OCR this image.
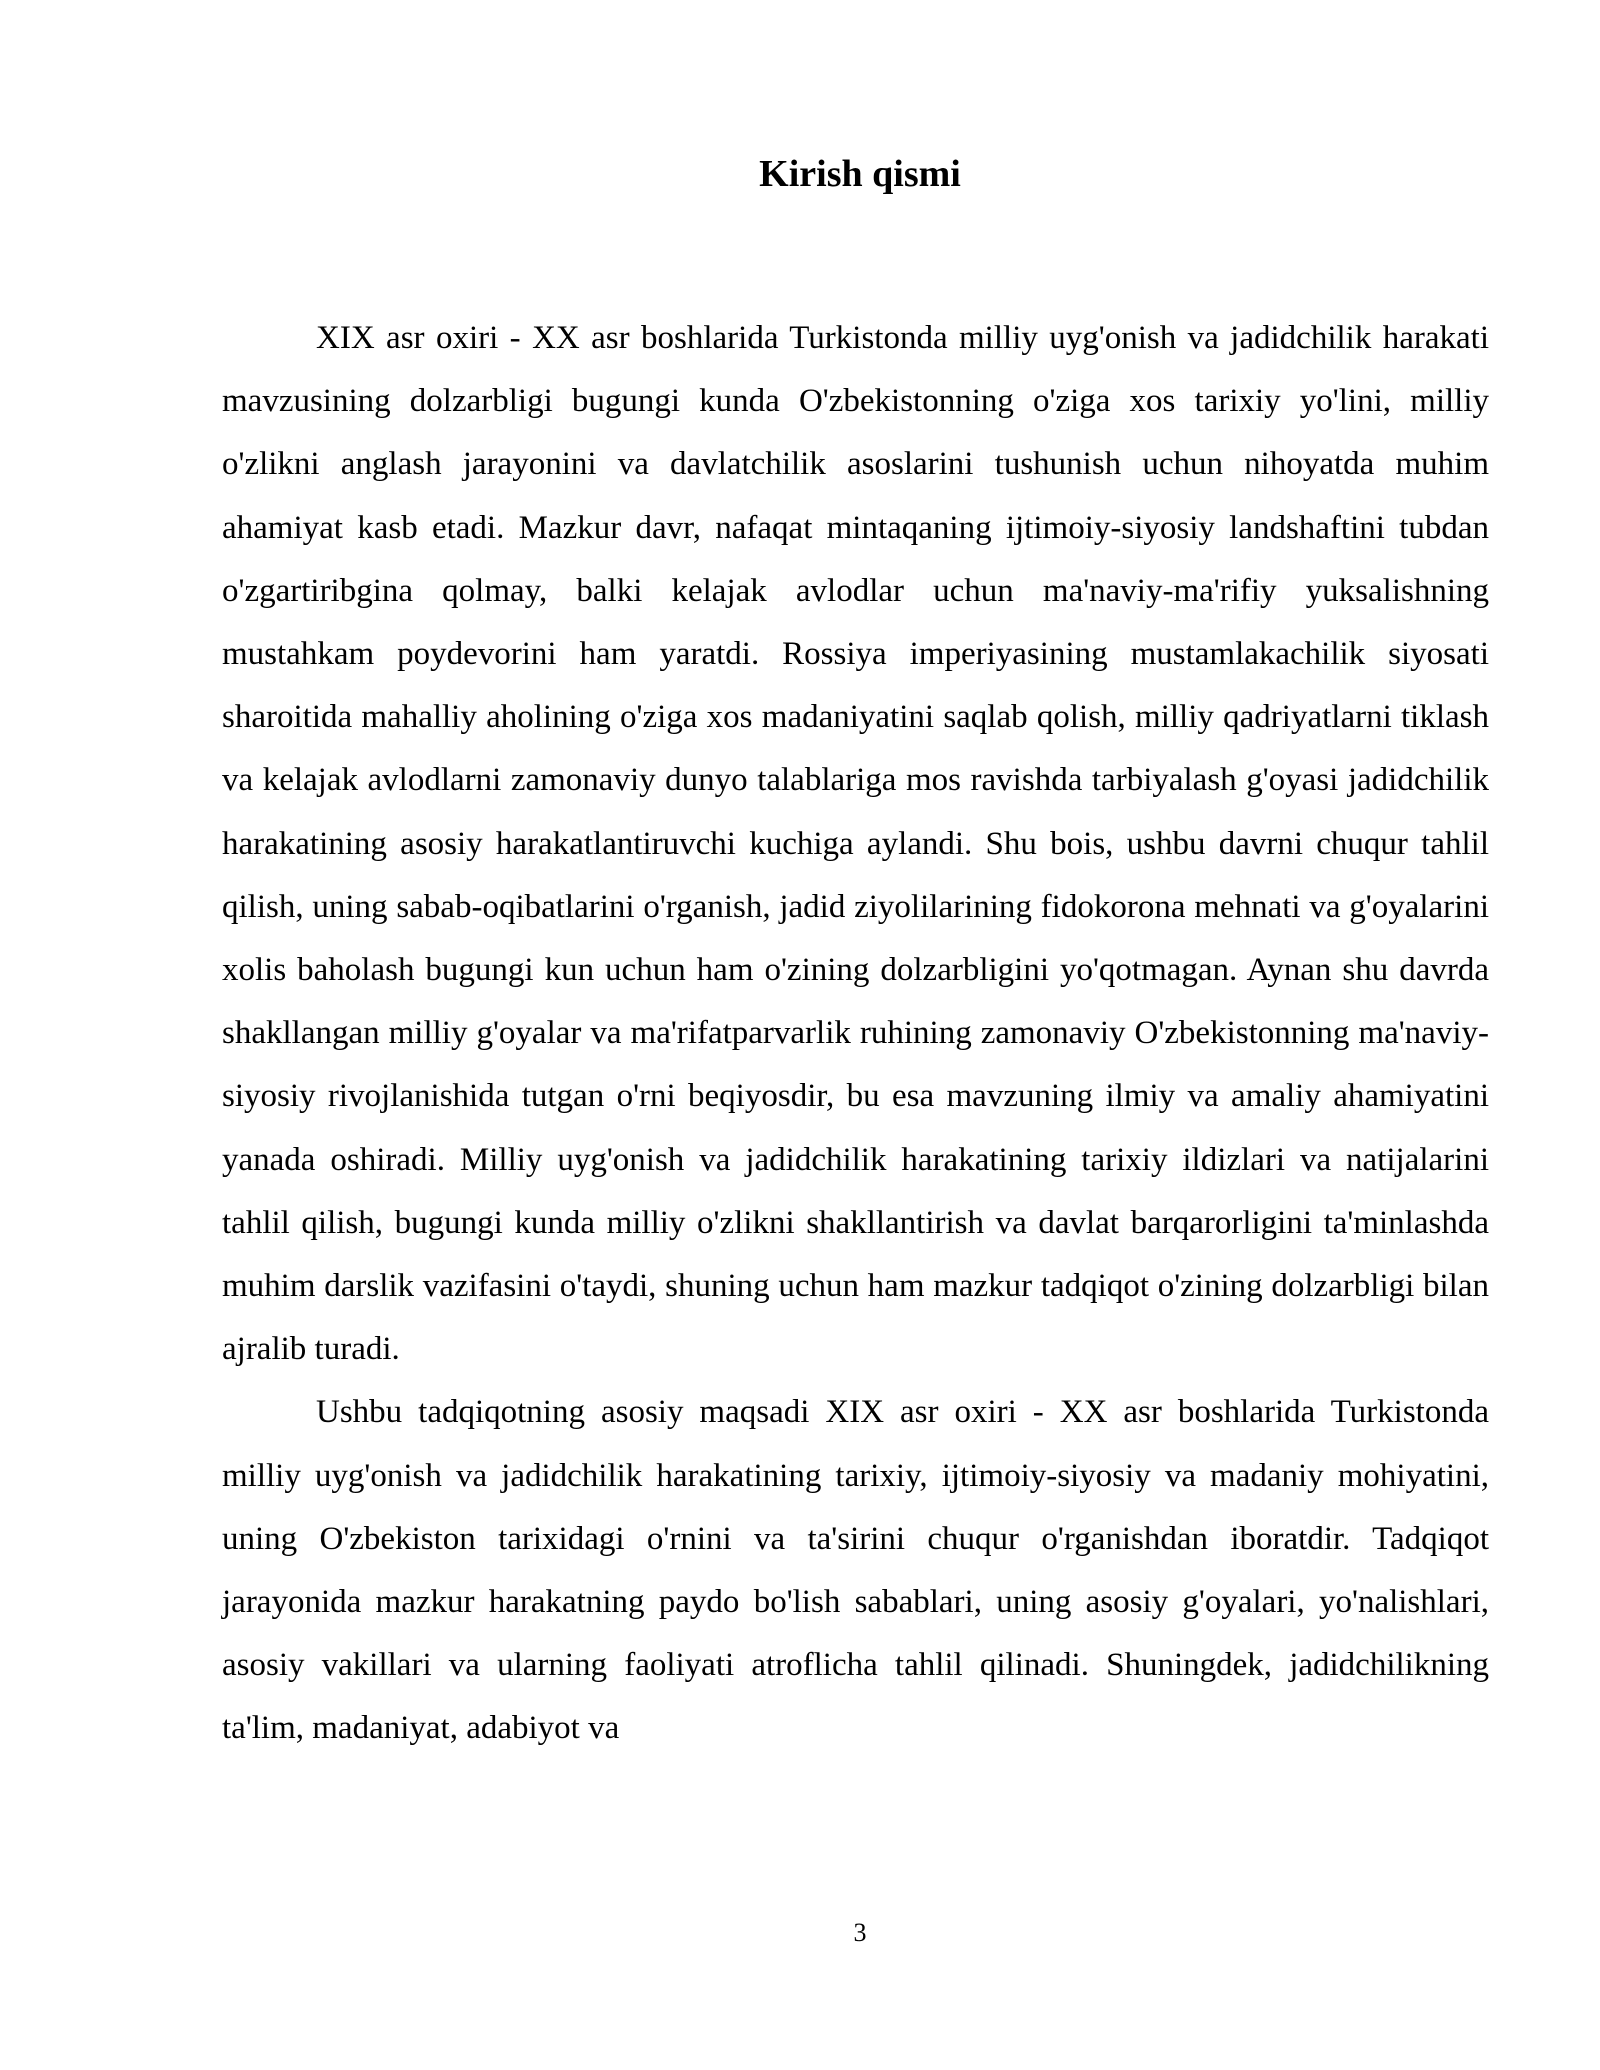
Kirish qismi

XIX asr oxiri - XX asr boshlarida Turkistonda milliy uyg'onish va jadidchilik harakati mavzusining dolzarbligi bugungi kunda O'zbekistonning o'ziga xos tarixiy yo'lini, milliy o'zlikni anglash jarayonini va davlatchilik asoslarini tushunish uchun nihoyatda muhim ahamiyat kasb etadi. Mazkur davr, nafaqat mintaqaning ijtimoiy-siyosiy landshaftini tubdan o'zgartiribgina qolmay, balki kelajak avlodlar uchun ma'naviy-ma'rifiy yuksalishning mustahkam poydevorini ham yaratdi. Rossiya imperiyasining mustamlakachilik siyosati sharoitida mahalliy aholining o'ziga xos madaniyatini saqlab qolish, milliy qadriyatlarni tiklash va kelajak avlodlarni zamonaviy dunyo talablariga mos ravishda tarbiyalash g'oyasi jadidchilik harakatining asosiy harakatlantiruvchi kuchiga aylandi. Shu bois, ushbu davrni chuqur tahlil qilish, uning sabab-oqibatlarini o'rganish, jadid ziyolilarining fidokorona mehnati va g'oyalarini xolis baholash bugungi kun uchun ham o'zining dolzarbligini yo'qotmagan. Aynan shu davrda shakllangan milliy g'oyalar va ma'rifatparvarlik ruhining zamonaviy O'zbekistonning ma'naviy-siyosiy rivojlanishida tutgan o'rni beqiyosdir, bu esa mavzuning ilmiy va amaliy ahamiyatini yanada oshiradi. Milliy uyg'onish va jadidchilik harakatining tarixiy ildizlari va natijalarini tahlil qilish, bugungi kunda milliy o'zlikni shakllantirish va davlat barqarorligini ta'minlashda muhim darslik vazifasini o'taydi, shuning uchun ham mazkur tadqiqot o'zining dolzarbligi bilan ajralib turadi.

Ushbu tadqiqotning asosiy maqsadi XIX asr oxiri - XX asr boshlarida Turkistonda milliy uyg'onish va jadidchilik harakatining tarixiy, ijtimoiy-siyosiy va madaniy mohiyatini, uning O'zbekiston tarixidagi o'rnini va ta'sirini chuqur o'rganishdan iboratdir. Tadqiqot jarayonida mazkur harakatning paydo bo'lish sabablari, uning asosiy g'oyalari, yo'nalishlari, asosiy vakillari va ularning faoliyati atroflicha tahlil qilinadi. Shuningdek, jadidchilikning ta'lim, madaniyat, adabiyot va

3
